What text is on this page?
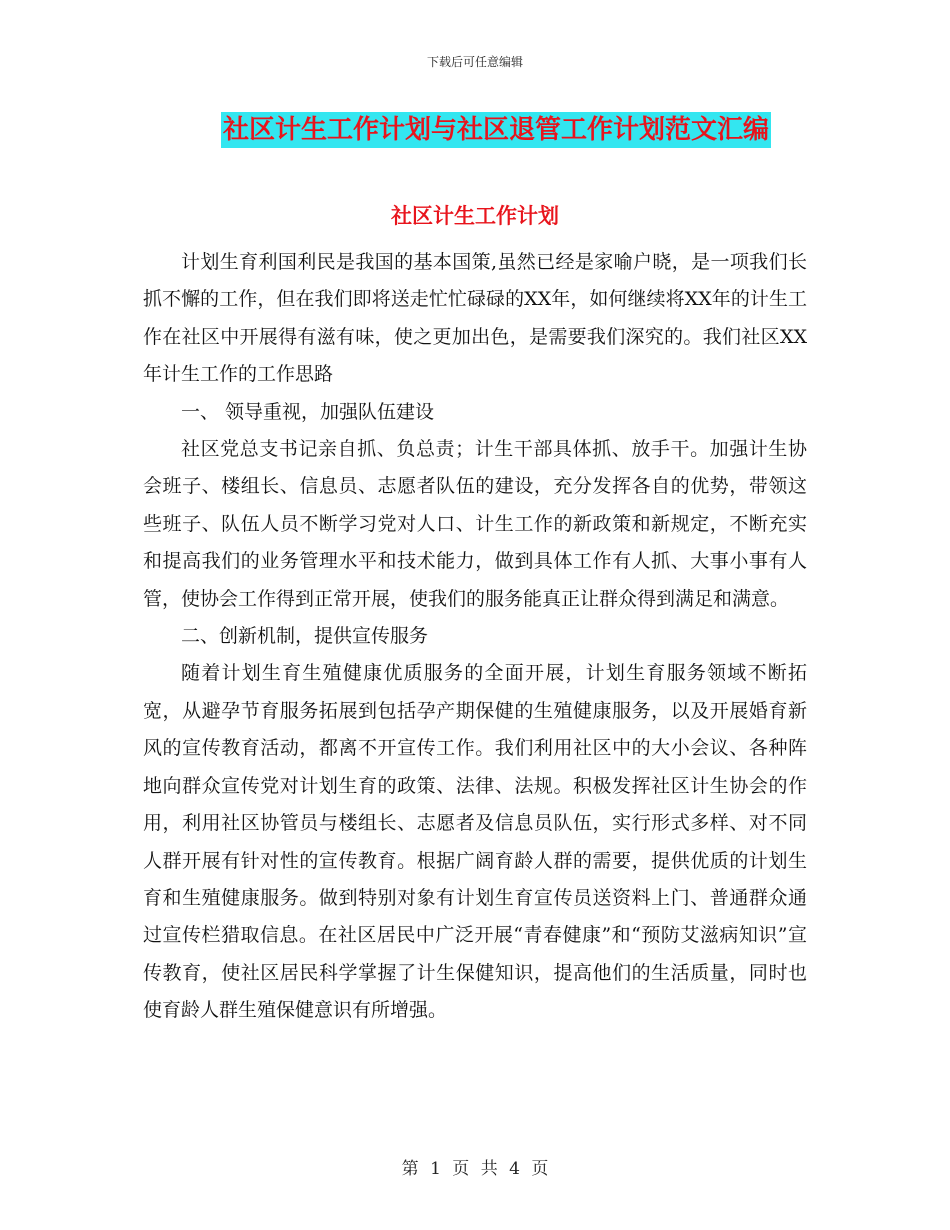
下载后可任意编辑
社区计生工作计划与社区退管工作计划范文汇编
社区计生工作计划

计划生育利国利民是我国的基本国策,虽然已经是家喻户晓，是一项我们长抓不懈的工作，但在我们即将送走忙忙碌碌的XX年，如何继续将XX年的计生工作在社区中开展得有滋有味，使之更加出色，是需要我们深究的。我们社区XX年计生工作的工作思路

一、 领导重视，加强队伍建设

社区党总支书记亲自抓、负总责；计生干部具体抓、放手干。加强计生协会班子、楼组长、信息员、志愿者队伍的建设，充分发挥各自的优势，带领这些班子、队伍人员不断学习党对人口、计生工作的新政策和新规定，不断充实和提高我们的业务管理水平和技术能力，做到具体工作有人抓、大事小事有人管，使协会工作得到正常开展，使我们的服务能真正让群众得到满足和满意。

二、创新机制，提供宣传服务

随着计划生育生殖健康优质服务的全面开展，计划生育服务领域不断拓宽，从避孕节育服务拓展到包括孕产期保健的生殖健康服务，以及开展婚育新风的宣传教育活动，都离不开宣传工作。我们利用社区中的大小会议、各种阵地向群众宣传党对计划生育的政策、法律、法规。积极发挥社区计生协会的作用，利用社区协管员与楼组长、志愿者及信息员队伍，实行形式多样、对不同人群开展有针对性的宣传教育。根据广阔育龄人群的需要，提供优质的计划生育和生殖健康服务。做到特别对象有计划生育宣传员送资料上门、普通群众通过宣传栏猎取信息。在社区居民中广泛开展“青春健康”和“预防艾滋病知识”宣传教育，使社区居民科学掌握了计生保健知识，提高他们的生活质量，同时也使育龄人群生殖保健意识有所增强。

第 1 页 共 4 页
